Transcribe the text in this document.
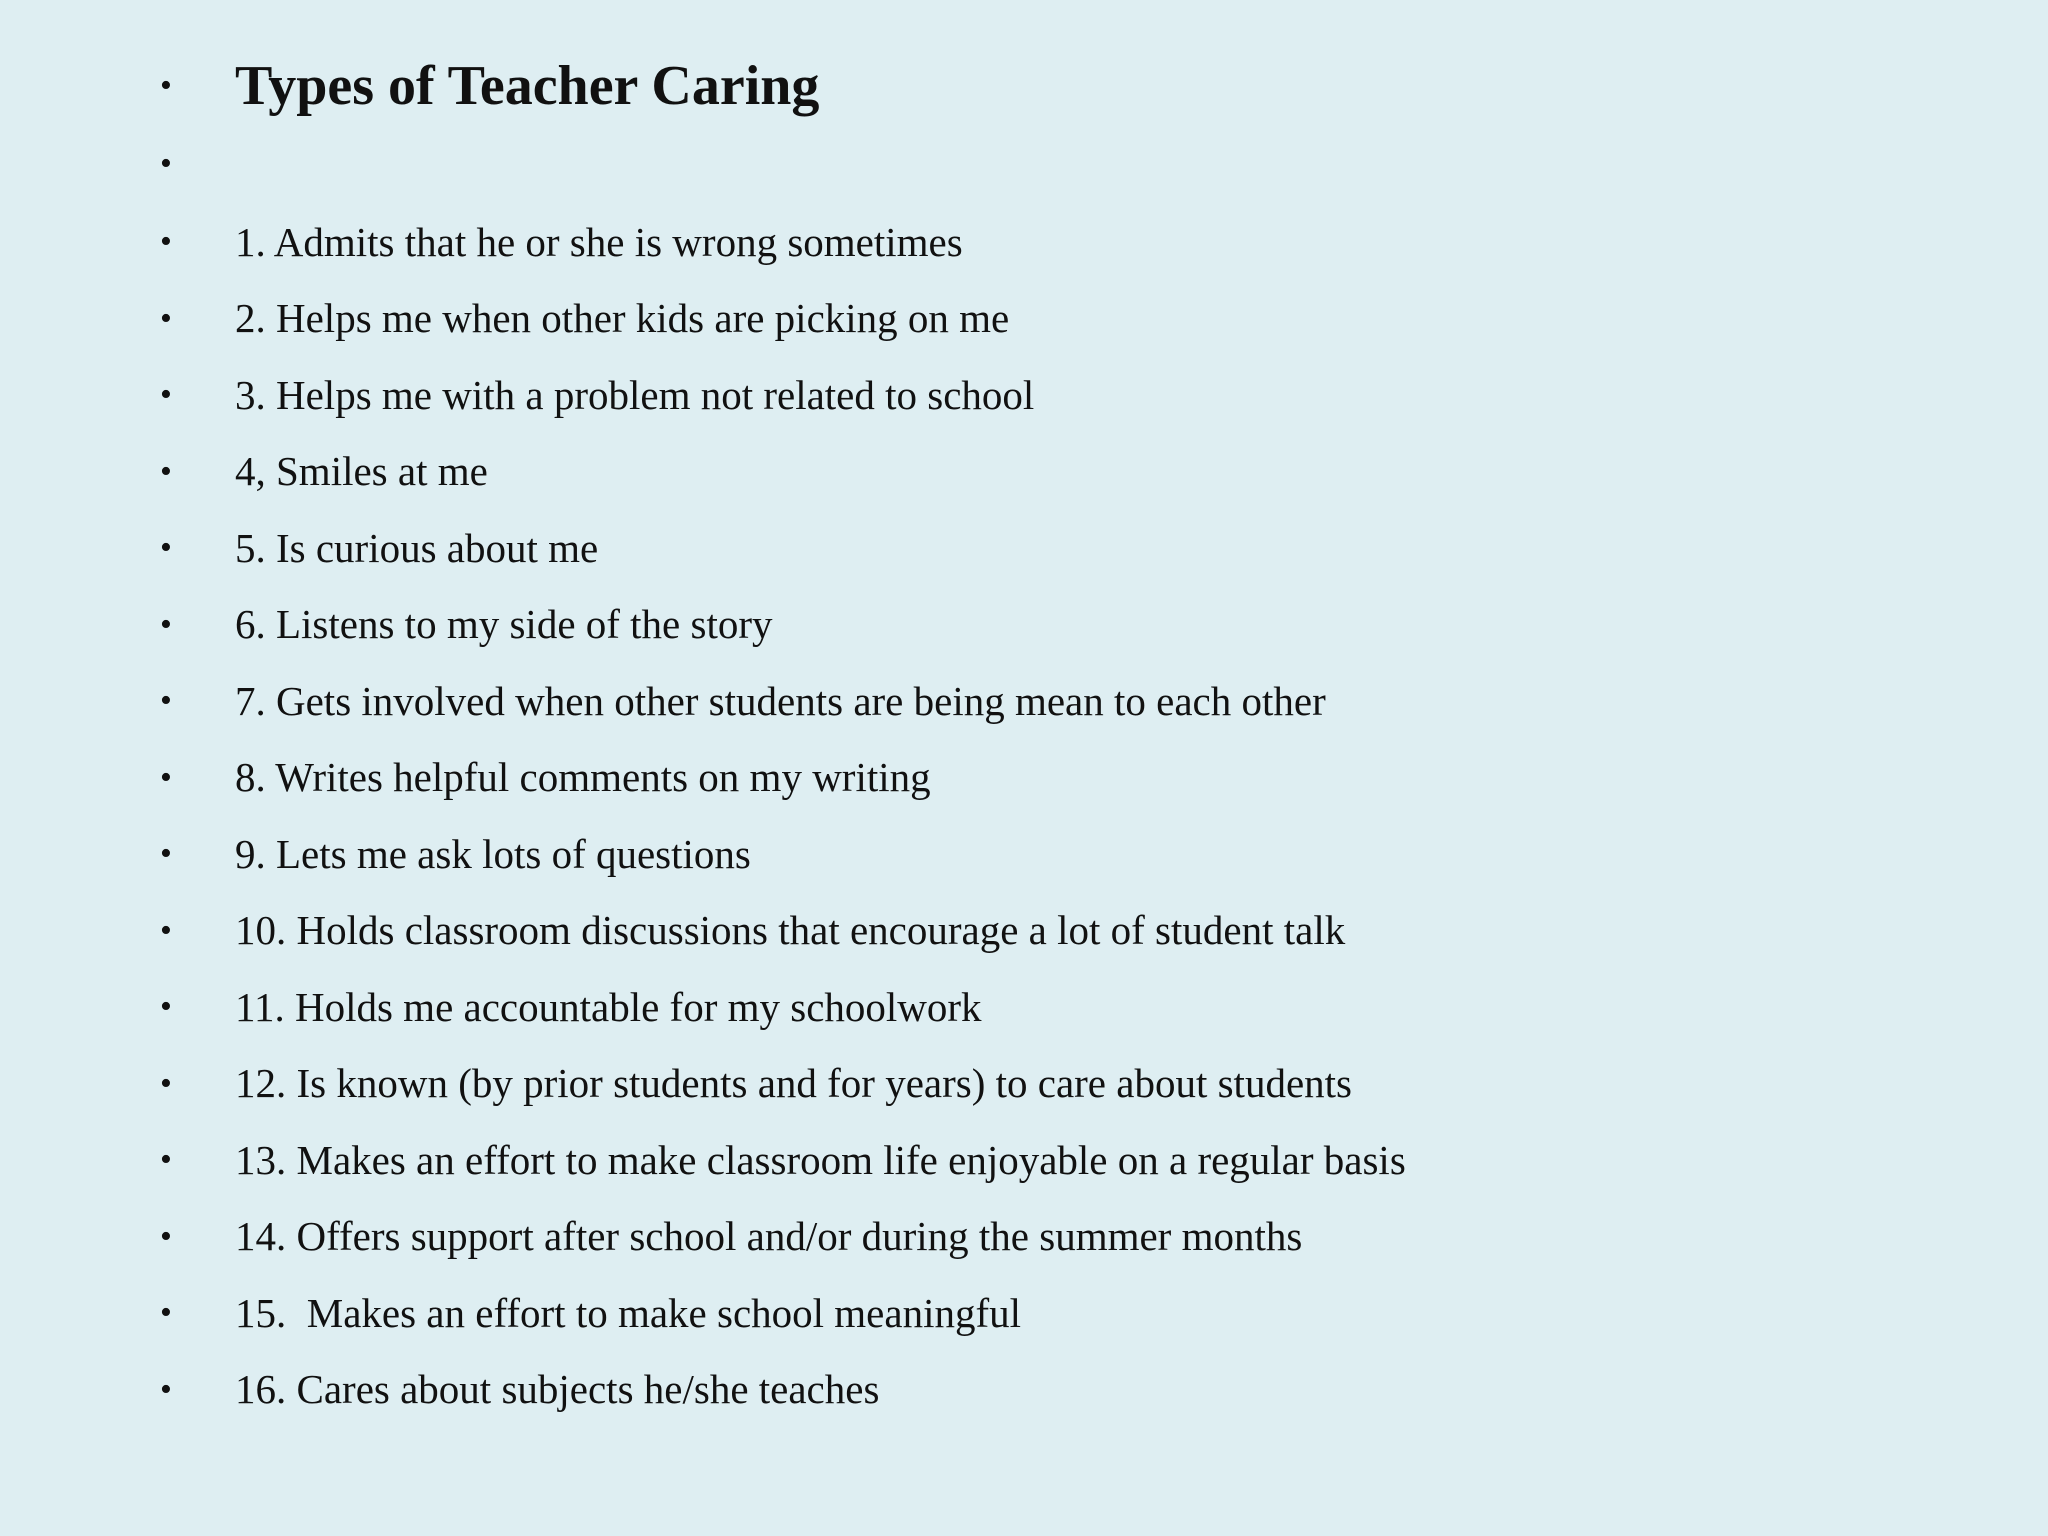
• Types of Teacher Caring
•
• 1. Admits that he or she is wrong sometimes
• 2. Helps me when other kids are picking on me
• 3. Helps me with a problem not related to school
• 4, Smiles at me
• 5. Is curious about me
• 6. Listens to my side of the story
• 7. Gets involved when other students are being mean to each other
• 8. Writes helpful comments on my writing
• 9. Lets me ask lots of questions
• 10. Holds classroom discussions that encourage a lot of student talk
• 11. Holds me accountable for my schoolwork
• 12. Is known (by prior students and for years) to care about students
• 13. Makes an effort to make classroom life enjoyable on a regular basis
• 14. Offers support after school and/or during the summer months
• 15.  Makes an effort to make school meaningful
• 16. Cares about subjects he/she teaches
